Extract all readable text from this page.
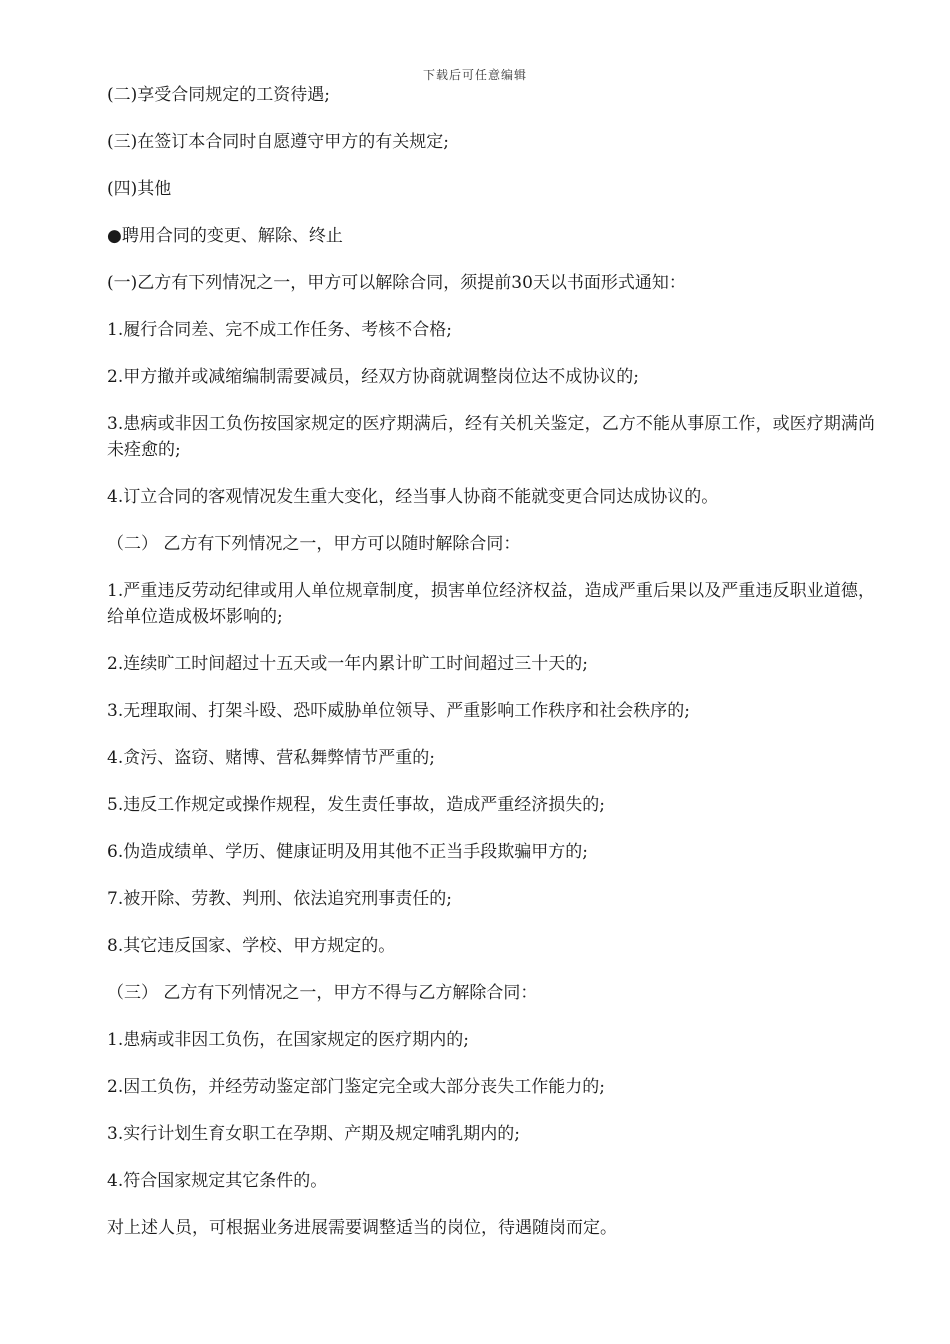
下载后可任意编辑

(二)享受合同规定的工资待遇;

(三)在签订本合同时自愿遵守甲方的有关规定;

(四)其他

●聘用合同的变更、解除、终止

(一)乙方有下列情况之一，甲方可以解除合同，须提前30天以书面形式通知：

1.履行合同差、完不成工作任务、考核不合格;

2.甲方撤并或减缩编制需要减员，经双方协商就调整岗位达不成协议的;

3.患病或非因工负伤按国家规定的医疗期满后，经有关机关鉴定，乙方不能从事原工作，或医疗期满尚未痊愈的;

4.订立合同的客观情况发生重大变化，经当事人协商不能就变更合同达成协议的。

（二） 乙方有下列情况之一，甲方可以随时解除合同：

1.严重违反劳动纪律或用人单位规章制度，损害单位经济权益，造成严重后果以及严重违反职业道德，给单位造成极坏影响的;

2.连续旷工时间超过十五天或一年内累计旷工时间超过三十天的;

3.无理取闹、打架斗殴、恐吓威胁单位领导、严重影响工作秩序和社会秩序的;

4.贪污、盗窃、赌博、营私舞弊情节严重的;

5.违反工作规定或操作规程，发生责任事故，造成严重经济损失的;

6.伪造成绩单、学历、健康证明及用其他不正当手段欺骗甲方的;

7.被开除、劳教、判刑、依法追究刑事责任的;

8.其它违反国家、学校、甲方规定的。

（三） 乙方有下列情况之一，甲方不得与乙方解除合同：

1.患病或非因工负伤，在国家规定的医疗期内的;

2.因工负伤，并经劳动鉴定部门鉴定完全或大部分丧失工作能力的;

3.实行计划生育女职工在孕期、产期及规定哺乳期内的;

4.符合国家规定其它条件的。

对上述人员，可根据业务进展需要调整适当的岗位，待遇随岗而定。
